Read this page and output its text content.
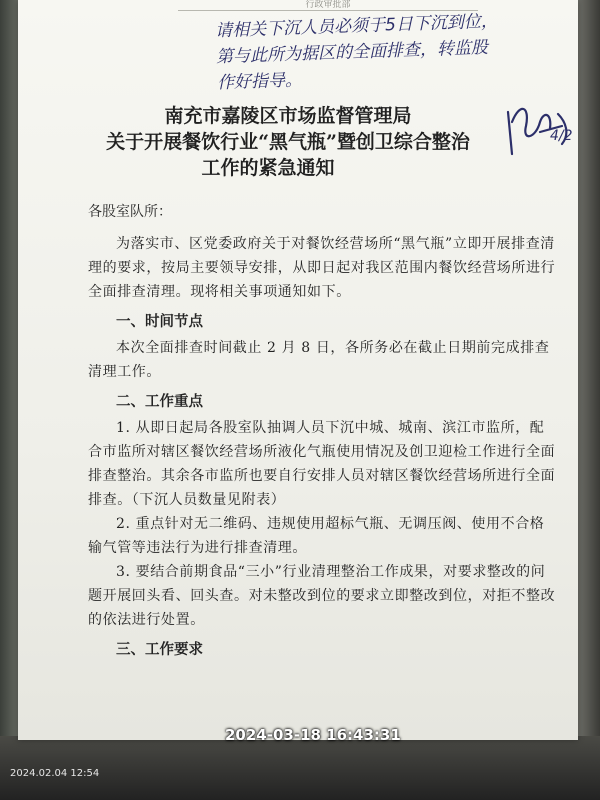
行政审批部
请相关下沉人员必须于5日下沉到位，
第与此所为据区的全面排查，转监股
作好指导。
4/2
南充市嘉陵区市场监督管理局
关于开展餐饮行业“黑气瓶”暨创卫综合整治
工作的紧急通知

各股室队所：

为落实市、区党委政府关于对餐饮经营场所“黑气瓶”立即开展排查清理的要求，按局主要领导安排，从即日起对我区范围内餐饮经营场所进行全面排查清理。现将相关事项通知如下。

一、时间节点

本次全面排查时间截止 2 月 8 日，各所务必在截止日期前完成排查清理工作。

二、工作重点

1. 从即日起局各股室队抽调人员下沉中城、城南、滨江市监所，配合市监所对辖区餐饮经营场所液化气瓶使用情况及创卫迎检工作进行全面排查整治。其余各市监所也要自行安排人员对辖区餐饮经营场所进行全面排查。（下沉人员数量见附表）

2. 重点针对无二维码、违规使用超标气瓶、无调压阀、使用不合格输气管等违法行为进行排查清理。

3. 要结合前期食品“三小”行业清理整治工作成果，对要求整改的问题开展回头看、回头查。对未整改到位的要求立即整改到位，对拒不整改的依法进行处置。

三、工作要求
2024-03-18 16:43:31
2024.02.04 12:54
